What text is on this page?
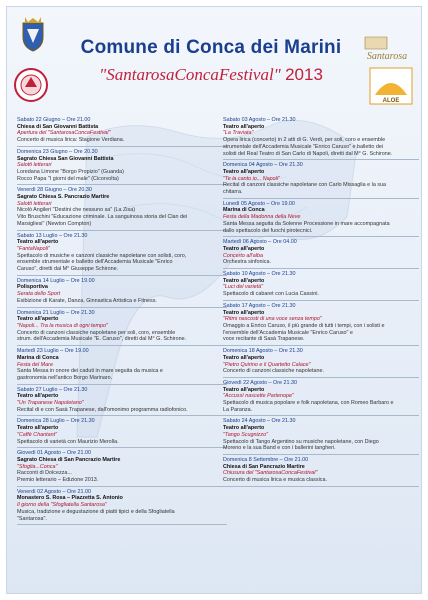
Comune di Conca dei Marini
"SantarosaConcaFestival" 2013
Santarosa
ALOE
Sabato 22 Giugno – Ore 21.00
Chiesa di San Giovanni Battista
Apertura del "SantarosaConcaFestival"
Concerto di musica lirica: Stagione Verdiana.
Domenica 23 Giugno – Ore 20.30
Sagrato Chiesa San Giovanni Battista
Salotti letterari
Loredana Limone "Borgo Propizio" (Guanda)
Rocco Papa "I giorni del male" (Cicorvolta)
Venerdì 28 Giugno – Ore 20.30
Sagrato Chiesa S. Pancrazio Martire
Salotti letterari
Nicolò Angileri "Destini che nessuno sa" (La Zisa)
Vito Bruschini "Educazione criminale. La sanguinosa storia del Clan dei
Marsigliesi" (Newton Compton)
Sabato 13 Luglio – Ore 21.30
Teatro all'aperto
"FantaNapoli"
Spettacolo di musiche e canzoni classiche napoletane con solisti, coro,
ensemble strumentale e balletto dell'Accademia Musicale "Enrico
Caruso", diretti dal M° Giuseppe Schirone.
Domenica 14 Luglio – Ore 19.00
Polisportiva
Serata dello Sport
Esibizione di Karate, Danza, Ginnastica Artistica e Fitness.
Domenica 21 Luglio – Ore 21.30
Teatro all'aperto
"Napoli... Tra la musica di ogni tempo"
Concerto di canzoni classiche napoletane per soli, coro, ensemble
strum. dell'Accademia Musicale "E. Caruso", diretti dal M° G. Schirone.
Martedì 23 Luglio – Ore 19.00
Marina di Conca
Festa del Mare
Santa Messa in onore dei caduti in mare seguita da musica e
gastronomia nell'antico Borgo Marinaro.
Sabato 27 Luglio – Ore 21.30
Teatro all'aperto
"Un Trapanese Napoletano"
Recital di e con Sasà Trapanese, dall'omonimo programma radiofonico.
Domenica 28 Luglio – Ore 21.30
Teatro all'aperto
"Caffè Chantant"
Spettacolo di varietà con Maurizio Merolla.
Giovedì 01 Agosto – Ore 21.00
Sagrato Chiesa di San Pancrazio Martire
"Sfoglia...Conca"
Racconti di Dolcezza...
Premio letterario – Edizione 2013.
Venerdì 02 Agosto – Ore 21.00
Monastero S. Rosa – Piazzetta S. Antonio
Il giorno della "Sfogliatella Santarosa"
Musica, tradizione e degustazione di piatti tipici e della Sfogliatella
"Santarosa".
Sabato 03 Agosto – Ore 21.30
Teatro all'aperto
"La Traviata"
Opera lirica (concerto) in 2 atti di G. Verdi, per soli, coro e ensemble
strumentale dell'Accademia Musicale "Enrico Caruso" e balletto dei
solisti del Real Teatro di San Carlo di Napoli, diretti dal M° G. Schirone.
Domenica 04 Agosto – Ore 21.30
Teatro all'aperto
"Te la canto io... Napoli"
Recital di canzoni classiche napoletane con Carlo Missaglia e la sua
chitarra.
Lunedì 05 Agosto – Ore 19.00
Marina di Conca
Festa della Madonna della Neve
Santa Messa seguita da Solenne Processione in mare accompagnata
dallo spettacolo dei fuochi pirotecnici.
Martedì 06 Agosto – Ore 04.00
Teatro all'aperto
Concerto all'alba
Orchestra sinfonica.
Sabato 10 Agosto – Ore 21.30
Teatro all'aperto
"Luci del varietà"
Spettacolo di cabaret con Lucia Cassini.
Sabato 17 Agosto – Ore 21.30
Teatro all'aperto
"Ritmi nascosti di una voce senza tempo"
Omaggio a Enrico Caruso, il più grande di tutti i tempi, con i solisti e
l'ensemble dell'Accademia Musicale "Enrico Caruso" e
voce recitante di Sasà Trapanese.
Domenica 18 Agosto – Ore 21.30
Teatro all'aperto
"Pietro Quirino e il Quartetto Calace"
Concerto di canzoni classiche napoletane.
Giovedì 22 Agosto – Ore 21.30
Teatro all'aperto
"Accussì nascette Partenope"
Spettacolo di musica popolare e folk napoletana, con Romeo Barbaro e
La Paranza.
Sabato 24 Agosto – Ore 21.30
Teatro all'aperto
"Tango Scugnizzo"
Spettacolo di Tango Argentino su musiche napoletane, con Diego
Moreno e la sua Band e con i ballerini tangheri.
Domenica 8 Settembre – Ore 21.00
Chiesa di San Pancrazio Martire
Chiusura del "SantarosaConcaFestival"
Concerto di musica lirica e musica classica.
